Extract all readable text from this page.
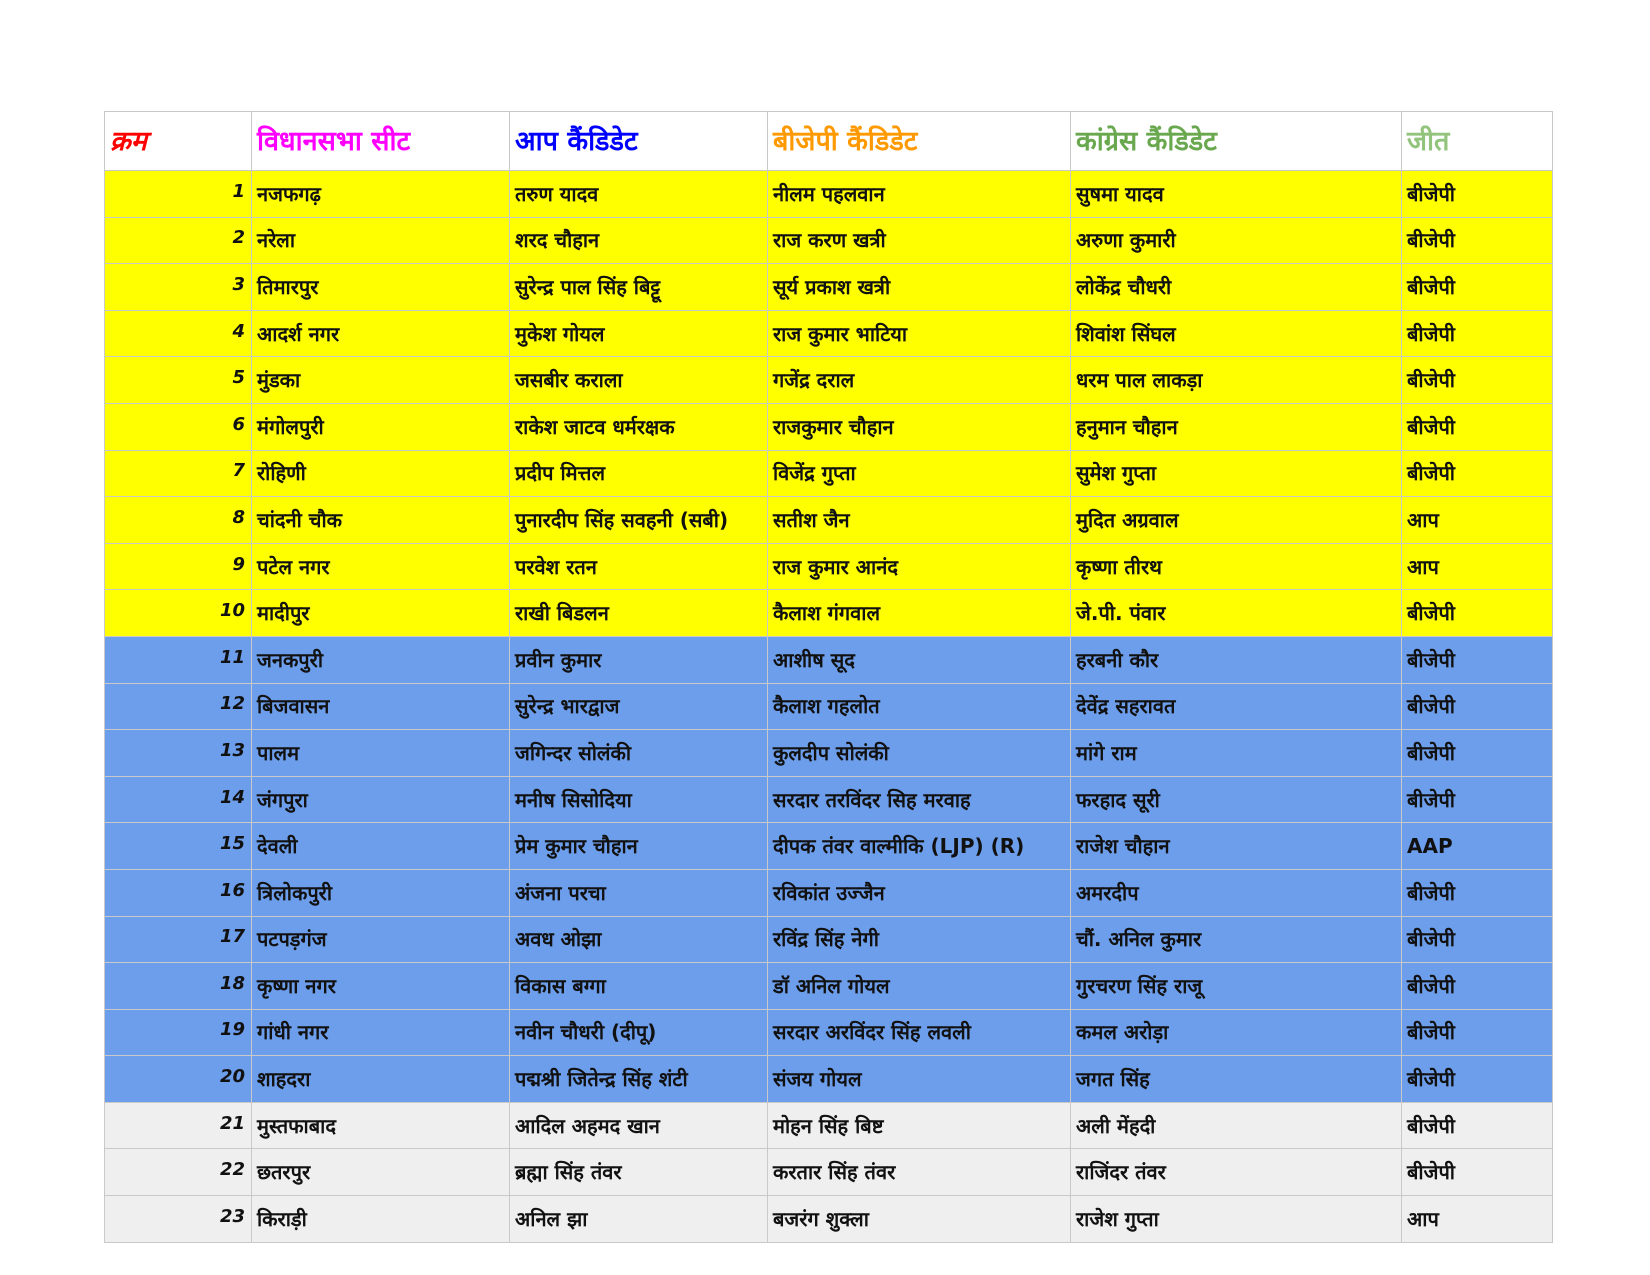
क्रम	विधानसभा सीट	आप कैंडिडेट	बीजेपी कैंडिडेट	कांग्रेस कैंडिडेट	जीत
1	नजफगढ़	तरुण यादव	नीलम पहलवान	सुषमा यादव	बीजेपी
2	नरेला	शरद चौहान	राज करण खत्री	अरुणा कुमारी	बीजेपी
3	तिमारपुर	सुरेन्द्र पाल सिंह बिट्टू	सूर्य प्रकाश खत्री	लोकेंद्र चौधरी	बीजेपी
4	आदर्श नगर	मुकेश गोयल	राज कुमार भाटिया	शिवांश सिंघल	बीजेपी
5	मुंडका	जसबीर कराला	गजेंद्र दराल	धरम पाल लाकड़ा	बीजेपी
6	मंगोलपुरी	राकेश जाटव धर्मरक्षक	राजकुमार चौहान	हनुमान चौहान	बीजेपी
7	रोहिणी	प्रदीप मित्तल	विजेंद्र गुप्ता	सुमेश गुप्ता	बीजेपी
8	चांदनी चौक	पुनारदीप सिंह सवहनी (सबी)	सतीश जैन	मुदित अग्रवाल	आप
9	पटेल नगर	परवेश रतन	राज कुमार आनंद	कृष्णा तीरथ	आप
10	मादीपुर	राखी बिडलन	कैलाश गंगवाल	जे.पी. पंवार	बीजेपी
11	जनकपुरी	प्रवीन कुमार	आशीष सूद	हरबनी कौर	बीजेपी
12	बिजवासन	सुरेन्द्र भारद्वाज	कैलाश गहलोत	देवेंद्र सहरावत	बीजेपी
13	पालम	जगिन्दर सोलंकी	कुलदीप सोलंकी	मांगे राम	बीजेपी
14	जंगपुरा	मनीष सिसोदिया	सरदार तरविंदर सिह मरवाह	फरहाद सूरी	बीजेपी
15	देवली	प्रेम कुमार चौहान	दीपक तंवर वाल्मीकि (LJP) (R)	राजेश चौहान	AAP
16	त्रिलोकपुरी	अंजना परचा	रविकांत उज्जैन	अमरदीप	बीजेपी
17	पटपड़गंज	अवध ओझा	रविंद्र सिंह नेगी	चौं. अनिल कुमार	बीजेपी
18	कृष्णा नगर	विकास बग्गा	डॉ अनिल गोयल	गुरचरण सिंह राजू	बीजेपी
19	गांधी नगर	नवीन चौधरी (दीपू)	सरदार अरविंदर सिंह लवली	कमल अरोड़ा	बीजेपी
20	शाहदरा	पद्मश्री जितेन्द्र सिंह शंटी	संजय गोयल	जगत सिंह	बीजेपी
21	मुस्तफाबाद	आदिल अहमद खान	मोहन सिंह बिष्ट	अली मेंहदी	बीजेपी
22	छतरपुर	ब्रह्मा सिंह तंवर	करतार सिंह तंवर	राजिंदर तंवर	बीजेपी
23	किराड़ी	अनिल झा	बजरंग शुक्ला	राजेश गुप्ता	आप
